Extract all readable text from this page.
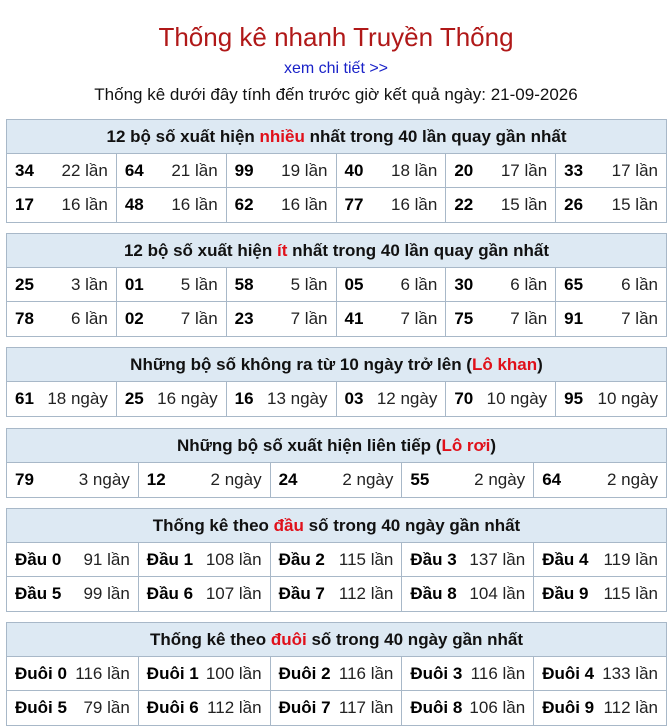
Thống kê nhanh Truyền Thống
xem chi tiết >>
Thống kê dưới đây tính đến trước giờ kết quả ngày: 21-09-2026
12 bộ số xuất hiện nhiều nhất trong 40 lần quay gần nhất
34 22 lần 64 21 lần 99 19 lần 40 18 lần 20 17 lần 33 17 lần
17 16 lần 48 16 lần 62 16 lần 77 16 lần 22 15 lần 26 15 lần
12 bộ số xuất hiện ít nhất trong 40 lần quay gần nhất
25 3 lần 01 5 lần 58 5 lần 05 6 lần 30 6 lần 65 6 lần
78 6 lần 02 7 lần 23 7 lần 41 7 lần 75 7 lần 91 7 lần
Những bộ số không ra từ 10 ngày trở lên (Lô khan)
61 18 ngày 25 16 ngày 16 13 ngày 03 12 ngày 70 10 ngày 95 10 ngày
Những bộ số xuất hiện liên tiếp (Lô rơi)
79	3 ngày 12	2 ngày 24	2 ngày 55	2 ngày 64	2 ngày
Thống kê theo đầu số trong 40 ngày gần nhất
Đầu 0 91 lần Đầu 1 108 lần Đầu 2 115 lần Đầu 3 137 lần Đầu 4 119 lần
Đầu 5 99 lần Đầu 6 107 lần Đầu 7 112 lần Đầu 8 104 lần Đầu 9 115 lần
Thống kê theo đuôi số trong 40 ngày gần nhất
Đuôi 0 116 lần Đuôi 1 100 lần Đuôi 2 116 lần Đuôi 3 116 lần Đuôi 4 133 lần
Đuôi 5 79 lần Đuôi 6 112 lần Đuôi 7 117 lần Đuôi 8 106 lần Đuôi 9 112 lần
